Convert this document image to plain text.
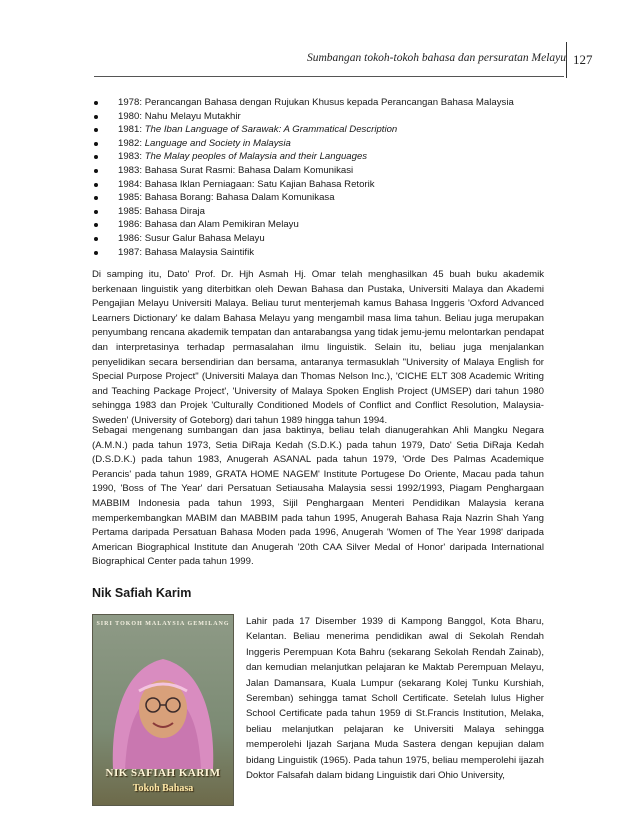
Sumbangan tokoh-tokoh bahasa dan persuratan Melayu 127
1978: Perancangan Bahasa dengan Rujukan Khusus kepada Perancangan Bahasa Malaysia
1980: Nahu Melayu Mutakhir
1981: The Iban Language of Sarawak: A Grammatical Description
1982: Language and Society in Malaysia
1983: The Malay peoples of Malaysia and their Languages
1983: Bahasa Surat Rasmi: Bahasa Dalam Komunikasi
1984: Bahasa Iklan Perniagaan: Satu Kajian Bahasa Retorik
1985: Bahasa Borang: Bahasa Dalam Komunikasa
1985: Bahasa Diraja
1986: Bahasa dan Alam Pemikiran Melayu
1986: Susur Galur Bahasa Melayu
1987: Bahasa Malaysia Saintifik

Di samping itu, Dato' Prof. Dr. Hjh Asmah Hj. Omar telah menghasilkan 45 buah buku akademik berkenaan linguistik yang diterbitkan oleh Dewan Bahasa dan Pustaka, Universiti Malaya dan Akademi Pengajian Melayu Universiti Malaya. Beliau turut menterjemah kamus Bahasa Inggeris 'Oxford Advanced Learners Dictionary' ke dalam Bahasa Melayu yang mengambil masa lima tahun. Beliau juga merupakan penyumbang rencana akademik tempatan dan antarabangsa yang tidak jemu-jemu melontarkan pendapat dan interpretasinya terhadap permasalahan ilmu linguistik. Selain itu, beliau juga menjalankan penyelidikan secara bersendirian dan bersama, antaranya termasuklah "University of Malaya English for Special Purpose Project" (Universiti Malaya dan Thomas Nelson Inc.), 'CICHE ELT 308 Academic Writing and Teaching Package Project', 'University of Malaya Spoken English Project (UMSEP) dari tahun 1980 sehingga 1983 dan Projek 'Culturally Conditioned Models of Conflict and Conflict Resolution, Malaysia-Sweden' (University of Goteborg) dari tahun 1989 hingga tahun 1994.

Sebagai mengenang sumbangan dan jasa baktinya, beliau telah dianugerahkan Ahli Mangku Negara (A.M.N.) pada tahun 1973, Setia DiRaja Kedah (S.D.K.) pada tahun 1979, Dato' Setia DiRaja Kedah (D.S.D.K.) pada tahun 1983, Anugerah ASANAL pada tahun 1979, 'Orde Des Palmas Academique Perancis' pada tahun 1989, GRATA HOME NAGEM' Institute Portugese Do Oriente, Macau pada tahun 1990, 'Boss of The Year' dari Persatuan Setiausaha Malaysia sessi 1992/1993, Piagam Penghargaan MABBIM Indonesia pada tahun 1993, Sijil Penghargaan Menteri Pendidikan Malaysia kerana memperkembangkan MABIM dan MABBIM pada tahun 1995, Anugerah Bahasa Raja Nazrin Shah Yang Pertama daripada Persatuan Bahasa Moden pada 1996, Anugerah 'Women of The Year 1998' daripada American Biographical Institute dan Anugerah '20th CAA Silver Medal of Honor' daripada International Biographical Center pada tahun 1999.

Nik Safiah Karim
SIRI TOKOH MALAYSIA GEMILANG
NIK SAFIAH KARIM
Tokoh Bahasa

Lahir pada 17 Disember 1939 di Kampong Banggol, Kota Bharu, Kelantan. Beliau menerima pendidikan awal di Sekolah Rendah Inggeris Perempuan Kota Bahru (sekarang Sekolah Rendah Zainab), dan kemudian melanjutkan pelajaran ke Maktab Perempuan Melayu, Jalan Damansara, Kuala Lumpur (sekarang Kolej Tunku Kurshiah, Seremban) sehingga tamat Scholl Certificate. Setelah lulus Higher School Certificate pada tahun 1959 di St.Francis Institution, Melaka, beliau melanjutkan pelajaran ke Universiti Malaya sehingga memperolehi Ijazah Sarjana Muda Sastera dengan kepujian dalam bidang Linguistik (1965). Pada tahun 1975, beliau memperolehi ijazah Doktor Falsafah dalam bidang Linguistik dari Ohio University,
